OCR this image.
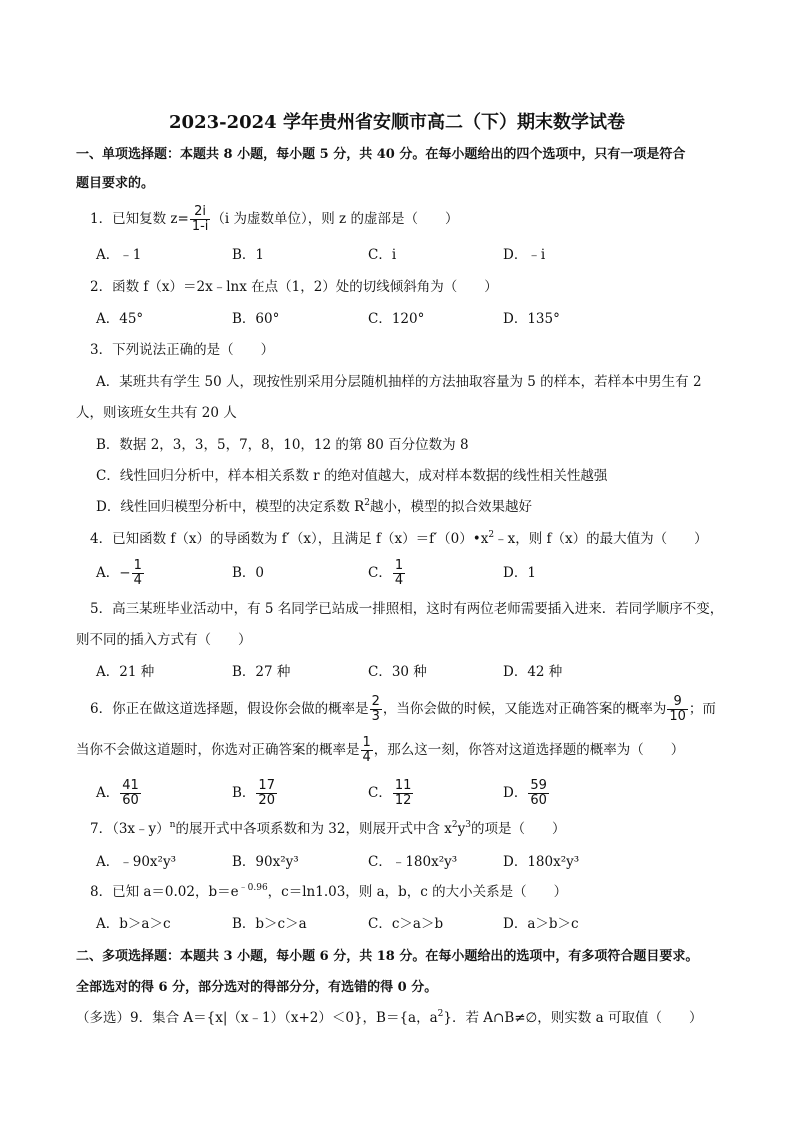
2023-2024 学年贵州省安顺市高二（下）期末数学试卷
一、单项选择题：本题共 8 小题，每小题 5 分，共 40 分。在每小题给出的四个选项中，只有一项是符合
题目要求的。
1．已知复数 $z= \frac{2i}{1-i} (i$ 为虚数单位），则 z 的虚部是（　　）
A．﹣1	B．1	C．i	D．﹣i
2．函数 f（x）＝2x﹣lnx 在点（1，2）处的切线倾斜角为（　　）
A．45°	B．60°	C．120°	D．135°
3．下列说法正确的是（　　）
A．某班共有学生 50 人，现按性别采用分层随机抽样的方法抽取容量为 5 的样本，若样本中男生有 2
人，则该班女生共有 20 人
B．数据 2，3，3，5，7，8，10，12 的第 80 百分位数为 8
C．线性回归分析中，样本相关系数 r 的绝对值越大，成对样本数据的线性相关性越强
D．线性回归模型分析中，模型的决定系数 $R^2$越小，模型的拟合效果越好
4．已知函数 f（x）的导函数为 f′（x），且满足 $f(x)=f'(0)•x^2﹣x$，则 f（x）的最大值为（　　）
A．− $\frac{1}{4}$	B．0	C． $\frac{1}{4}$	D．1
5．高三某班毕业活动中，有 5 名同学已站成一排照相，这时有两位老师需要插入进来．若同学顺序不变，
则不同的插入方式有（　　）
A．21 种	B．27 种	C．30 种	D．42 种
6．你正在做这道选择题，假设你会做的概率是 $\frac{2}{3}$ ，当你会做的时候，又能选对正确答案的概率为 $\frac{9}{10}$ ；而
当你不会做这道题时，你选对正确答案的概率是 $\frac{1}{4}$ ，那么这一刻，你答对这道选择题的概率为（　　）
A． $\frac{41}{60}$	B． $\frac{17}{20}$	C． $\frac{11}{12}$	D． $\frac{59}{60}$
7．（3x﹣y）$^n$的展开式中各项系数和为 32，则展开式中含 $x^2y^3$的项是（　　）
A．﹣90x²y³	B．90x²y³	C．﹣180x²y³	D．180x²y³
8．已知 a＝0.02，$b=e^{﹣0.96}$，c＝ln1.03，则 a，b，c 的大小关系是（　　）
A．b＞a＞c	B．b＞c＞a	C．c＞a＞b	D．a＞b＞c
二、多项选择题：本题共 3 小题，每小题 6 分，共 18 分。在每小题给出的选项中，有多项符合题目要求。
全部选对的得 6 分，部分选对的得部分分，有选错的得 0 分。
（多选）9．集合 A＝{x|（x﹣1）（x+2）＜0}，B＝{a，$a^2$}．若 A∩B≠∅，则实数 a 可取值（　　）
